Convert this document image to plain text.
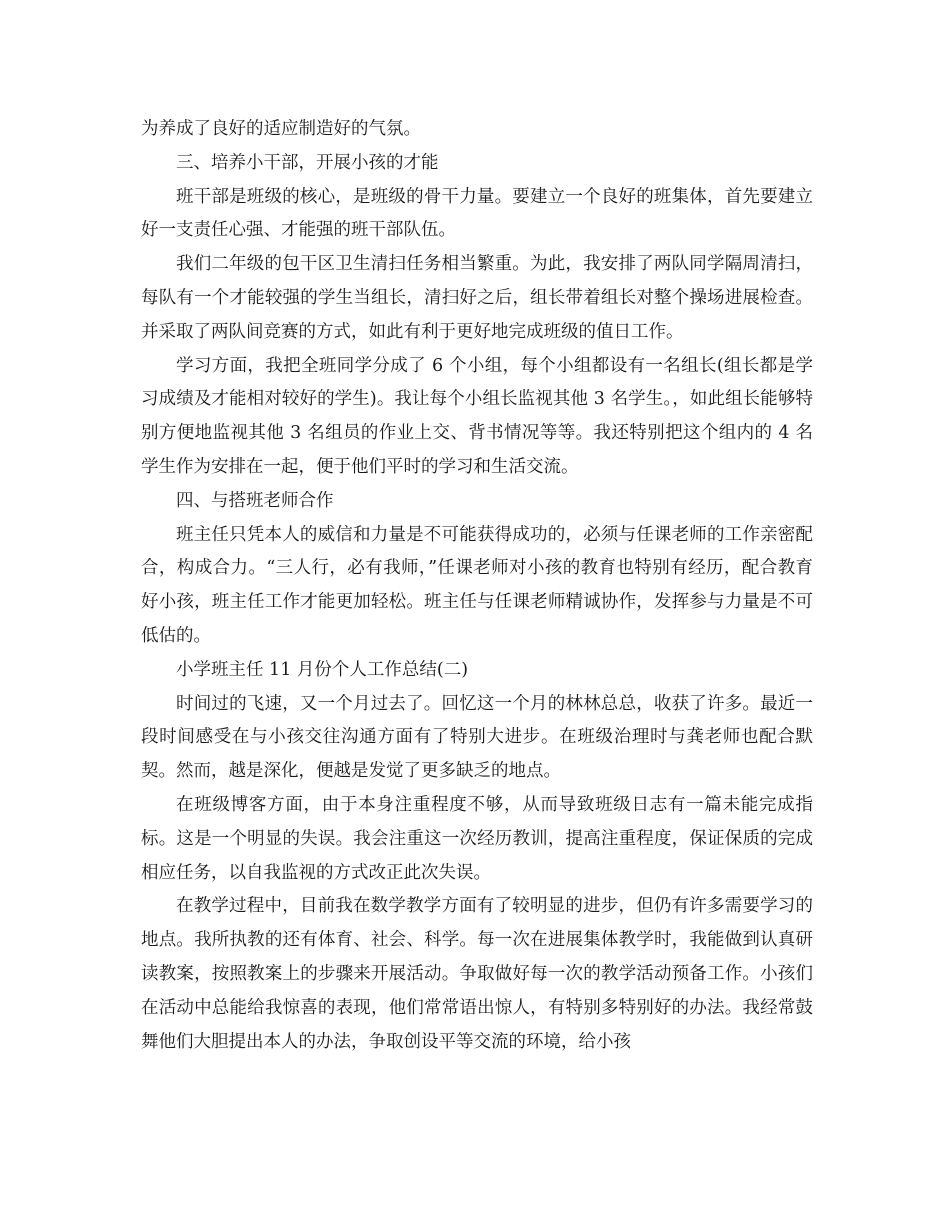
为养成了良好的适应制造好的气氛。

三、培养小干部，开展小孩的才能

班干部是班级的核心，是班级的骨干力量。要建立一个良好的班集体，首先要建立好一支责任心强、才能强的班干部队伍。

我们二年级的包干区卫生清扫任务相当繁重。为此，我安排了两队同学隔周清扫，每队有一个才能较强的学生当组长，清扫好之后，组长带着组长对整个操场进展检查。并采取了两队间竞赛的方式，如此有利于更好地完成班级的值日工作。

学习方面，我把全班同学分成了 6 个小组，每个小组都设有一名组长(组长都是学习成绩及才能相对较好的学生)。我让每个小组长监视其他 3 名学生。，如此组长能够特别方便地监视其他 3 名组员的作业上交、背书情况等等。我还特别把这个组内的 4 名学生作为安排在一起，便于他们平时的学习和生活交流。

四、与搭班老师合作

班主任只凭本人的威信和力量是不可能获得成功的，必须与任课老师的工作亲密配合，构成合力。“三人行，必有我师，”任课老师对小孩的教育也特别有经历，配合教育好小孩，班主任工作才能更加轻松。班主任与任课老师精诚协作，发挥参与力量是不可低估的。

小学班主任 11 月份个人工作总结(二)

时间过的飞速，又一个月过去了。回忆这一个月的林林总总，收获了许多。最近一段时间感受在与小孩交往沟通方面有了特别大进步。在班级治理时与龚老师也配合默契。然而，越是深化，便越是发觉了更多缺乏的地点。

在班级博客方面，由于本身注重程度不够，从而导致班级日志有一篇未能完成指标。这是一个明显的失误。我会注重这一次经历教训，提高注重程度，保证保质的完成相应任务，以自我监视的方式改正此次失误。

在教学过程中，目前我在数学教学方面有了较明显的进步，但仍有许多需要学习的地点。我所执教的还有体育、社会、科学。每一次在进展集体教学时，我能做到认真研读教案，按照教案上的步骤来开展活动。争取做好每一次的教学活动预备工作。小孩们在活动中总能给我惊喜的表现，他们常常语出惊人，有特别多特别好的办法。我经常鼓舞他们大胆提出本人的办法，争取创设平等交流的环境，给小孩
